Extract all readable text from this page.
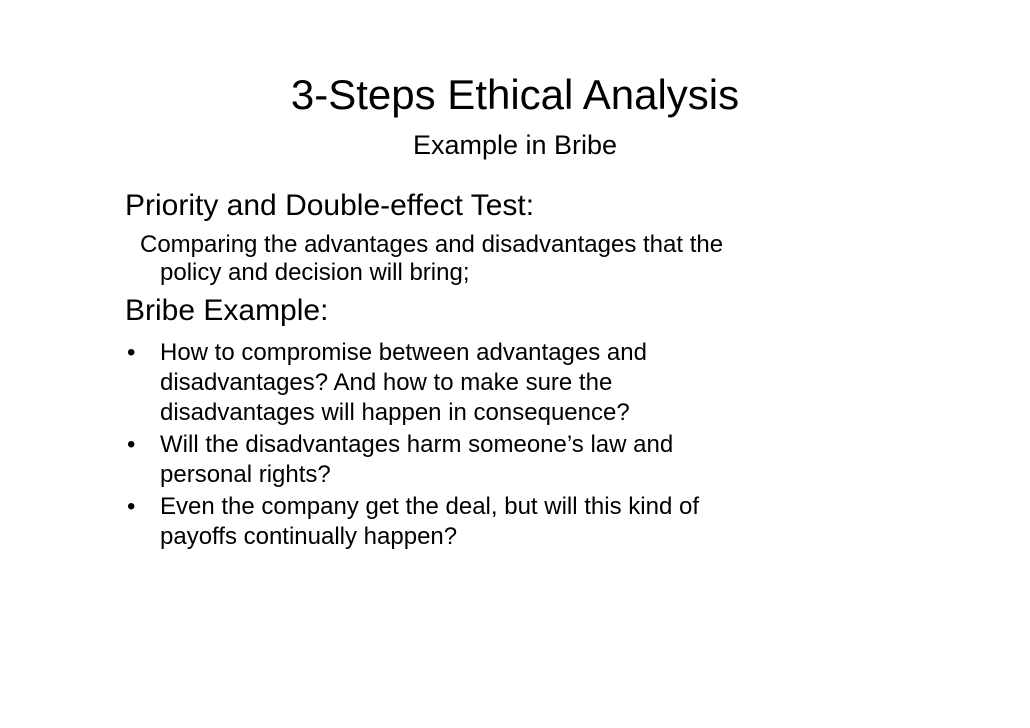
3-Steps Ethical Analysis
Example in Bribe
Priority and Double-effect Test:
Comparing the advantages and disadvantages that the
policy and decision will bring;
Bribe Example:
•	How to compromise between advantages and
disadvantages? And how to make sure the
disadvantages will happen in consequence?
•	Will the disadvantages harm someone’s law and
personal rights?
•	Even the company get the deal, but will this kind of
payoffs continually happen?
